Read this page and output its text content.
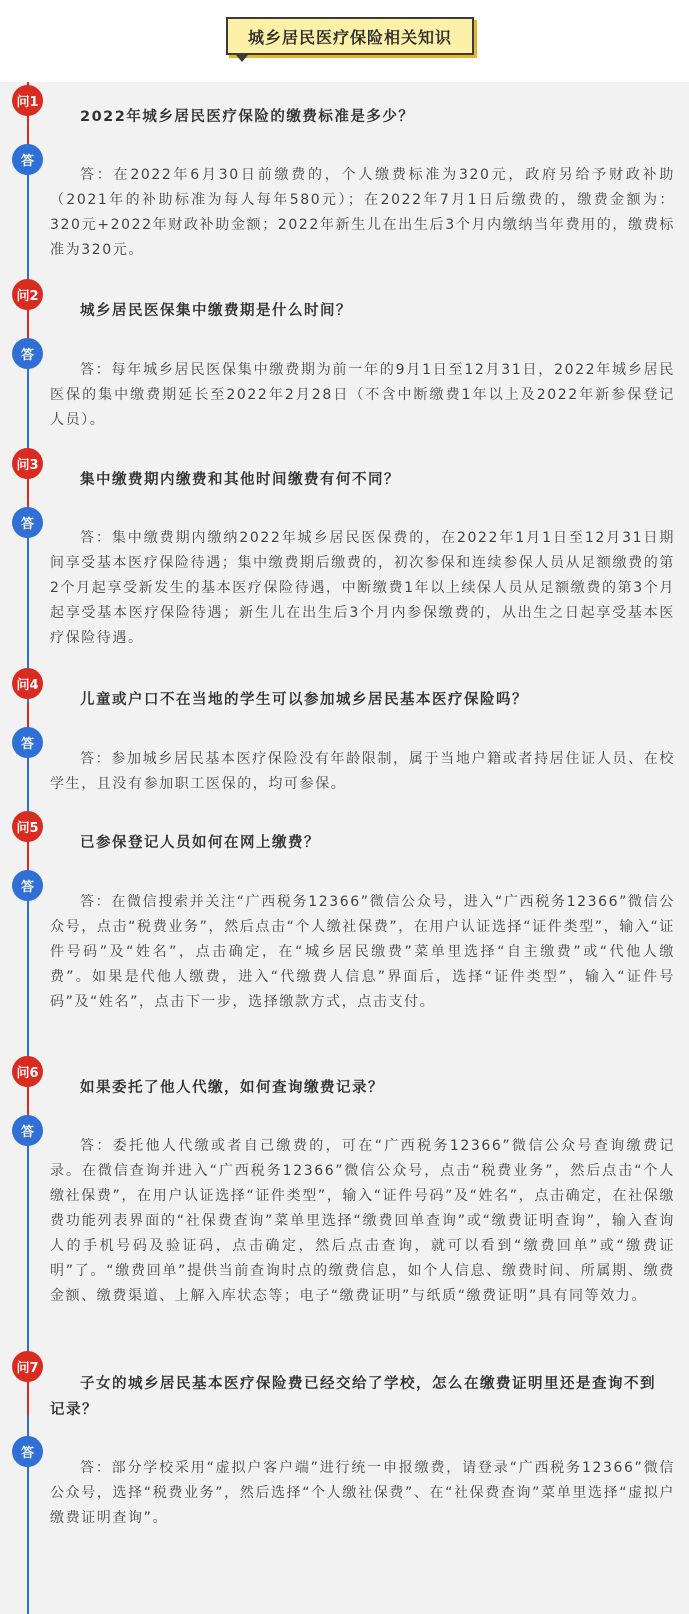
城乡居民医疗保险相关知识
问1
2022年城乡居民医疗保险的缴费标准是多少？
答
答：在2022年6月30日前缴费的，个人缴费标准为320元，政府另给予财政补助（2021年的补助标准为每人每年580元）；在2022年7月1日后缴费的，缴费金额为：320元+2022年财政补助金额；2022年新生儿在出生后3个月内缴纳当年费用的，缴费标准为320元。
问2
城乡居民医保集中缴费期是什么时间？
答
答：每年城乡居民医保集中缴费期为前一年的9月1日至12月31日，2022年城乡居民医保的集中缴费期延长至2022年2月28日（不含中断缴费1年以上及2022年新参保登记人员）。
问3
集中缴费期内缴费和其他时间缴费有何不同？
答
答：集中缴费期内缴纳2022年城乡居民医保费的，在2022年1月1日至12月31日期间享受基本医疗保险待遇；集中缴费期后缴费的，初次参保和连续参保人员从足额缴费的第2个月起享受新发生的基本医疗保险待遇，中断缴费1年以上续保人员从足额缴费的第3个月起享受基本医疗保险待遇；新生儿在出生后3个月内参保缴费的，从出生之日起享受基本医疗保险待遇。
问4
儿童或户口不在当地的学生可以参加城乡居民基本医疗保险吗？
答
答：参加城乡居民基本医疗保险没有年龄限制，属于当地户籍或者持居住证人员、在校学生，且没有参加职工医保的，均可参保。
问5
已参保登记人员如何在网上缴费？
答
答：在微信搜索并关注“广西税务12366”微信公众号，进入“广西税务12366”微信公众号，点击“税费业务”，然后点击“个人缴社保费”，在用户认证选择“证件类型”，输入“证件号码”及“姓名”，点击确定，在“城乡居民缴费”菜单里选择“自主缴费”或“代他人缴费”。如果是代他人缴费，进入“代缴费人信息”界面后，选择“证件类型”，输入“证件号码”及“姓名”，点击下一步，选择缴款方式，点击支付。
问6
如果委托了他人代缴，如何查询缴费记录？
答
答：委托他人代缴或者自己缴费的，可在“广西税务12366”微信公众号查询缴费记录。在微信查询并进入“广西税务12366”微信公众号，点击“税费业务”，然后点击“个人缴社保费”，在用户认证选择“证件类型”，输入“证件号码”及“姓名”，点击确定，在社保缴费功能列表界面的“社保费查询”菜单里选择“缴费回单查询”或“缴费证明查询”，输入查询人的手机号码及验证码，点击确定，然后点击查询，就可以看到“缴费回单”或“缴费证明”了。“缴费回单”提供当前查询时点的缴费信息，如个人信息、缴费时间、所属期、缴费金额、缴费渠道、上解入库状态等；电子“缴费证明”与纸质“缴费证明”具有同等效力。
问7
子女的城乡居民基本医疗保险费已经交给了学校，怎么在缴费证明里还是查询不到记录？
答
答：部分学校采用“虚拟户客户端”进行统一申报缴费，请登录“广西税务12366”微信公众号，选择“税费业务”，然后选择“个人缴社保费”、在“社保费查询”菜单里选择“虚拟户缴费证明查询”。
